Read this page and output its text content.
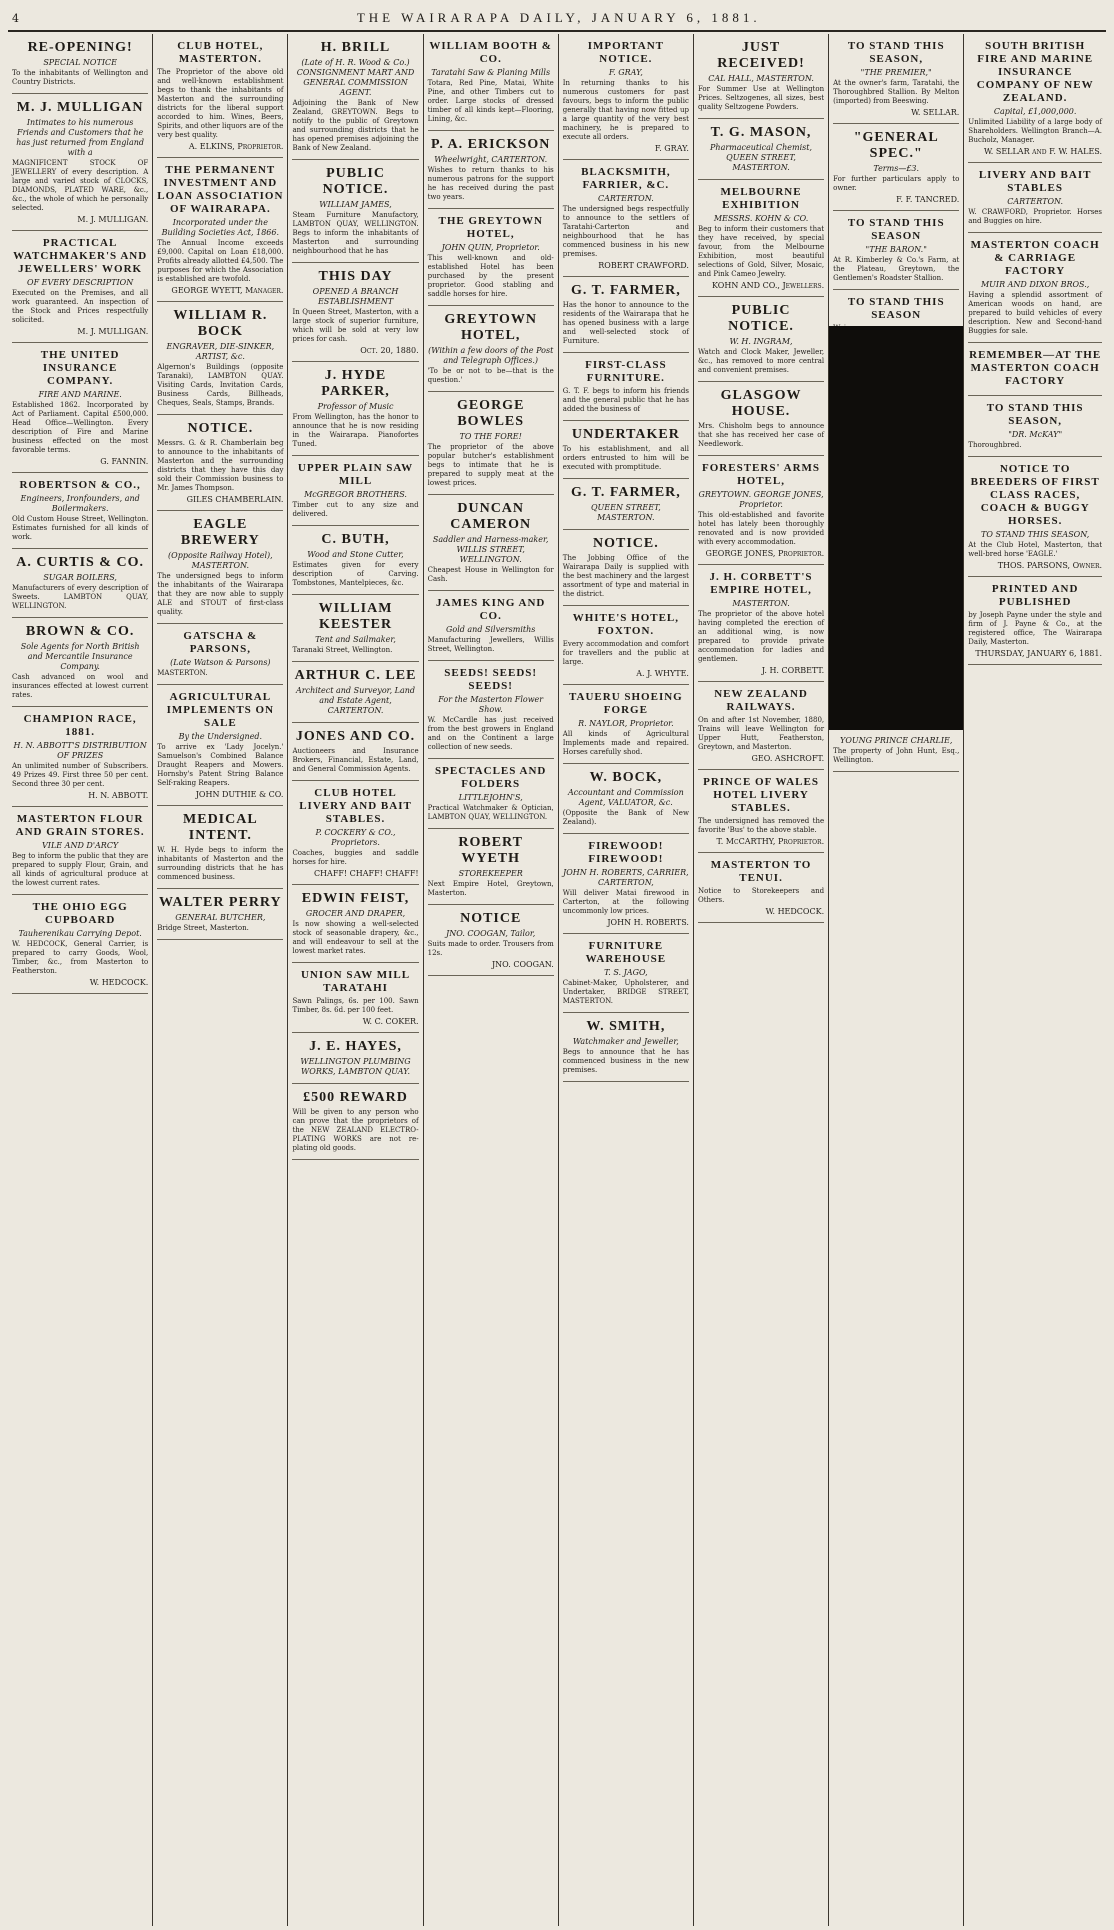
4	THE WAIRARAPA DAILY, JANUARY 6, 1881.

RE-OPENING!
SPECIAL NOTICE
To the inhabitants of Wellington and Country Districts.
M. J. MULLIGAN
Intimates to his numerous Friends and Customers that he has just returned from England with a
MAGNIFICENT STOCK OF JEWELLERY of every description. A large and varied stock of CLOCKS, DIAMONDS, PLATED WARE, &c., &c., the whole of which he personally selected.
M. J. MULLIGAN.
PRACTICAL WATCHMAKER'S AND JEWELLERS' WORK
OF EVERY DESCRIPTION
Executed on the Premises, and all work guaranteed. An inspection of the Stock and Prices respectfully solicited.
M. J. MULLIGAN.
THE UNITED INSURANCE COMPANY.
FIRE AND MARINE.
Established 1862. Incorporated by Act of Parliament. Capital £500,000. Head Office—Wellington. Every description of Fire and Marine business effected on the most favorable terms.
G. FANNIN.
ROBERTSON & CO.,
Engineers, Ironfounders, and Boilermakers.
Old Custom House Street, Wellington. Estimates furnished for all kinds of work.
A. CURTIS & CO.
SUGAR BOILERS,
Manufacturers of every description of Sweets. LAMBTON QUAY, WELLINGTON.
BROWN & CO.
Sole Agents for North British and Mercantile Insurance Company.
Cash advanced on wool and insurances effected at lowest current rates.
CHAMPION RACE, 1881.
H. N. ABBOTT'S DISTRIBUTION OF PRIZES
An unlimited number of Subscribers. 49 Prizes 49. First three 50 per cent. Second three 30 per cent.
H. N. ABBOTT.
MASTERTON FLOUR AND GRAIN STORES.
VILE AND D'ARCY
Beg to inform the public that they are prepared to supply Flour, Grain, and all kinds of agricultural produce at the lowest current rates.
THE OHIO EGG CUPBOARD
Tauherenikau Carrying Depot.
W. HEDCOCK, General Carrier, is prepared to carry Goods, Wool, Timber, &c., from Masterton to Featherston.
W. HEDCOCK.
CLUB HOTEL, MASTERTON.
The Proprietor of the above old and well-known establishment begs to thank the inhabitants of Masterton and the surrounding districts for the liberal support accorded to him. Wines, Beers, Spirits, and other liquors are of the very best quality.
A. ELKINS, Proprietor.
THE PERMANENT INVESTMENT AND LOAN ASSOCIATION OF WAIRARAPA.
Incorporated under the Building Societies Act, 1866.
The Annual Income exceeds £9,000. Capital on Loan £18,000. Profits already allotted £4,500. The purposes for which the Association is established are twofold.
GEORGE WYETT, Manager.
WILLIAM R. BOCK
ENGRAVER, DIE-SINKER, ARTIST, &c.
Algernon's Buildings (opposite Taranaki), LAMBTON QUAY. Visiting Cards, Invitation Cards, Business Cards, Billheads, Cheques, Seals, Stamps, Brands.
NOTICE.
Messrs. G. & R. Chamberlain beg to announce to the inhabitants of Masterton and the surrounding districts that they have this day sold their Commission business to Mr. James Thompson.
GILES CHAMBERLAIN.
EAGLE BREWERY
(Opposite Railway Hotel), MASTERTON.
The undersigned begs to inform the inhabitants of the Wairarapa that they are now able to supply ALE and STOUT of first-class quality.
GATSCHA & PARSONS,
(Late Watson & Parsons)
MASTERTON.
AGRICULTURAL IMPLEMENTS ON SALE
By the Undersigned.
To arrive ex 'Lady Jocelyn.' Samuelson's Combined Balance Draught Reapers and Mowers. Hornsby's Patent String Balance Self-raking Reapers.
JOHN DUTHIE & CO.
MEDICAL INTENT.
W. H. Hyde begs to inform the inhabitants of Masterton and the surrounding districts that he has commenced business.
WALTER PERRY
GENERAL BUTCHER,
Bridge Street, Masterton.
H. BRILL
(Late of H. R. Wood & Co.) CONSIGNMENT MART AND GENERAL COMMISSION AGENT.
Adjoining the Bank of New Zealand, GREYTOWN. Begs to notify to the public of Greytown and surrounding districts that he has opened premises adjoining the Bank of New Zealand.
PUBLIC NOTICE.
WILLIAM JAMES,
Steam Furniture Manufactory, LAMBTON QUAY, WELLINGTON. Begs to inform the inhabitants of Masterton and surrounding neighbourhood that he has
THIS DAY
OPENED A BRANCH ESTABLISHMENT
In Queen Street, Masterton, with a large stock of superior furniture, which will be sold at very low prices for cash.
Oct. 20, 1880.
J. HYDE PARKER,
Professor of Music
From Wellington, has the honor to announce that he is now residing in the Wairarapa. Pianofortes Tuned.
UPPER PLAIN SAW MILL
McGREGOR BROTHERS.
Timber cut to any size and delivered.
C. BUTH,
Wood and Stone Cutter,
Estimates given for every description of Carving. Tombstones, Mantelpieces, &c.
WILLIAM KEESTER
Tent and Sailmaker,
Taranaki Street, Wellington.
ARTHUR C. LEE
Architect and Surveyor, Land and Estate Agent, CARTERTON.
JONES AND CO.
Auctioneers and Insurance Brokers, Financial, Estate, Land, and General Commission Agents.
CLUB HOTEL LIVERY AND BAIT STABLES.
P. COCKERY & CO., Proprietors.
Coaches, buggies and saddle horses for hire.
CHAFF! CHAFF! CHAFF!
EDWIN FEIST,
GROCER AND DRAPER,
Is now showing a well-selected stock of seasonable drapery, &c., and will endeavour to sell at the lowest market rates.
UNION SAW MILL TARATAHI
Sawn Palings, 6s. per 100. Sawn Timber, 8s. 6d. per 100 feet.
W. C. COKER.
J. E. HAYES,
WELLINGTON PLUMBING WORKS, LAMBTON QUAY.
£500 REWARD
Will be given to any person who can prove that the proprietors of the NEW ZEALAND ELECTRO-PLATING WORKS are not re-plating old goods.
WILLIAM BOOTH & CO.
Taratahi Saw & Planing Mills
Totara, Red Pine, Matai, White Pine, and other Timbers cut to order. Large stocks of dressed timber of all kinds kept—Flooring, Lining, &c.
P. A. ERICKSON
Wheelwright, CARTERTON.
Wishes to return thanks to his numerous patrons for the support he has received during the past two years.
THE GREYTOWN HOTEL,
JOHN QUIN, Proprietor.
This well-known and old-established Hotel has been purchased by the present proprietor. Good stabling and saddle horses for hire.
GREYTOWN HOTEL,
(Within a few doors of the Post and Telegraph Offices.)
'To be or not to be—that is the question.'
GEORGE BOWLES
TO THE FORE!
The proprietor of the above popular butcher's establishment begs to intimate that he is prepared to supply meat at the lowest prices.
DUNCAN CAMERON
Saddler and Harness-maker, WILLIS STREET, WELLINGTON.
Cheapest House in Wellington for Cash.
JAMES KING AND CO.
Gold and Silversmiths
Manufacturing Jewellers, Willis Street, Wellington.
SEEDS! SEEDS! SEEDS!
For the Masterton Flower Show.
W. McCardle has just received from the best growers in England and on the Continent a large collection of new seeds.
SPECTACLES AND FOLDERS
LITTLEJOHN'S,
Practical Watchmaker & Optician, LAMBTON QUAY, WELLINGTON.
ROBERT WYETH
STOREKEEPER
Next Empire Hotel, Greytown, Masterton.
NOTICE
JNO. COOGAN, Tailor,
Suits made to order. Trousers from 12s.
JNO. COOGAN.
IMPORTANT NOTICE.
F. GRAY,
In returning thanks to his numerous customers for past favours, begs to inform the public generally that having now fitted up a large quantity of the very best machinery, he is prepared to execute all orders.
F. GRAY.
BLACKSMITH, FARRIER, &C.
CARTERTON.
The undersigned begs respectfully to announce to the settlers of Taratahi-Carterton and neighbourhood that he has commenced business in his new premises.
ROBERT CRAWFORD.
G. T. FARMER,
Has the honor to announce to the residents of the Wairarapa that he has opened business with a large and well-selected stock of Furniture.
FIRST-CLASS FURNITURE.
G. T. F. begs to inform his friends and the general public that he has added the business of
UNDERTAKER
To his establishment, and all orders entrusted to him will be executed with promptitude.
G. T. FARMER,
QUEEN STREET, MASTERTON.
NOTICE.
The Jobbing Office of the Wairarapa Daily is supplied with the best machinery and the largest assortment of type and material in the district.
WHITE'S HOTEL, FOXTON.
Every accommodation and comfort for travellers and the public at large.
A. J. WHYTE.
TAUERU SHOEING FORGE
R. NAYLOR, Proprietor.
All kinds of Agricultural Implements made and repaired. Horses carefully shod.
W. BOCK,
Accountant and Commission Agent, VALUATOR, &c.
(Opposite the Bank of New Zealand).
FIREWOOD! FIREWOOD!
JOHN H. ROBERTS, CARRIER, CARTERTON,
Will deliver Matai firewood in Carterton, at the following uncommonly low prices.
JOHN H. ROBERTS.
FURNITURE WAREHOUSE
T. S. JAGO,
Cabinet-Maker, Upholsterer, and Undertaker, BRIDGE STREET, MASTERTON.
W. SMITH,
Watchmaker and Jeweller,
Begs to announce that he has commenced business in the new premises.
JUST RECEIVED!
CAL HALL, MASTERTON.
For Summer Use at Wellington Prices. Seltzogenes, all sizes, best quality Seltzogene Powders.
T. G. MASON,
Pharmaceutical Chemist, QUEEN STREET, MASTERTON.
MELBOURNE EXHIBITION
MESSRS. KOHN & CO.
Beg to inform their customers that they have received, by special favour, from the Melbourne Exhibition, most beautiful selections of Gold, Silver, Mosaic, and Pink Cameo Jewelry.
KOHN AND CO., Jewellers.
PUBLIC NOTICE.
W. H. INGRAM,
Watch and Clock Maker, Jeweller, &c., has removed to more central and convenient premises.
GLASGOW HOUSE.
Mrs. Chisholm begs to announce that she has received her case of Needlework.
FORESTERS' ARMS HOTEL,
GREYTOWN. GEORGE JONES, Proprietor.
This old-established and favorite hotel has lately been thoroughly renovated and is now provided with every accommodation.
GEORGE JONES, Proprietor.
J. H. CORBETT'S EMPIRE HOTEL,
MASTERTON.
The proprietor of the above hotel having completed the erection of an additional wing, is now prepared to provide private accommodation for ladies and gentlemen.
J. H. CORBETT.
NEW ZEALAND RAILWAYS.
On and after 1st November, 1880, Trains will leave Wellington for Upper Hutt, Featherston, Greytown, and Masterton.
GEO. ASHCROFT.
PRINCE OF WALES HOTEL LIVERY STABLES.
The undersigned has removed the favorite 'Bus' to the above stable.
T. McCARTHY, Proprietor.
MASTERTON TO TENUI.
Notice to Storekeepers and Others.
W. HEDCOCK.
TO STAND THIS SEASON,
"THE PREMIER,"
At the owner's farm, Taratahi, the Thoroughbred Stallion. By Melton (imported) from Beeswing.
W. SELLAR.
"GENERAL SPEC."
Terms—£3.
For further particulars apply to owner.
F. F. TANCRED.
TO STAND THIS SEASON
"THE BARON."
At R. Kimberley & Co.'s Farm, at the Plateau, Greytown, the Gentlemen's Roadster Stallion.
TO STAND THIS SEASON
YOUNG PRINCE CHARLIE,
The property of John Hunt, Esq., Wellington.
SOUTH BRITISH FIRE AND MARINE INSURANCE COMPANY OF NEW ZEALAND.
Capital, £1,000,000.
Unlimited Liability of a large body of Shareholders. Wellington Branch—A. Bucholz, Manager.
W. SELLAR and F. W. HALES.
LIVERY AND BAIT STABLES
CARTERTON.
W. CRAWFORD, Proprietor. Horses and Buggies on hire.
MASTERTON COACH & CARRIAGE FACTORY
MUIR AND DIXON BROS.,
Having a splendid assortment of American woods on hand, are prepared to build vehicles of every description. New and Second-hand Buggies for sale.
REMEMBER—AT THE MASTERTON COACH FACTORY
TO STAND THIS SEASON,
"DR. McKAY"
Thoroughbred.
NOTICE TO BREEDERS OF FIRST CLASS RACES, COACH & BUGGY HORSES.
TO STAND THIS SEASON,
At the Club Hotel, Masterton, that well-bred horse 'EAGLE.'
THOS. PARSONS, Owner.
PRINTED AND PUBLISHED
by Joseph Payne under the style and firm of J. Payne & Co., at the registered office, The Wairarapa Daily, Masterton.
THURSDAY, JANUARY 6, 1881.
